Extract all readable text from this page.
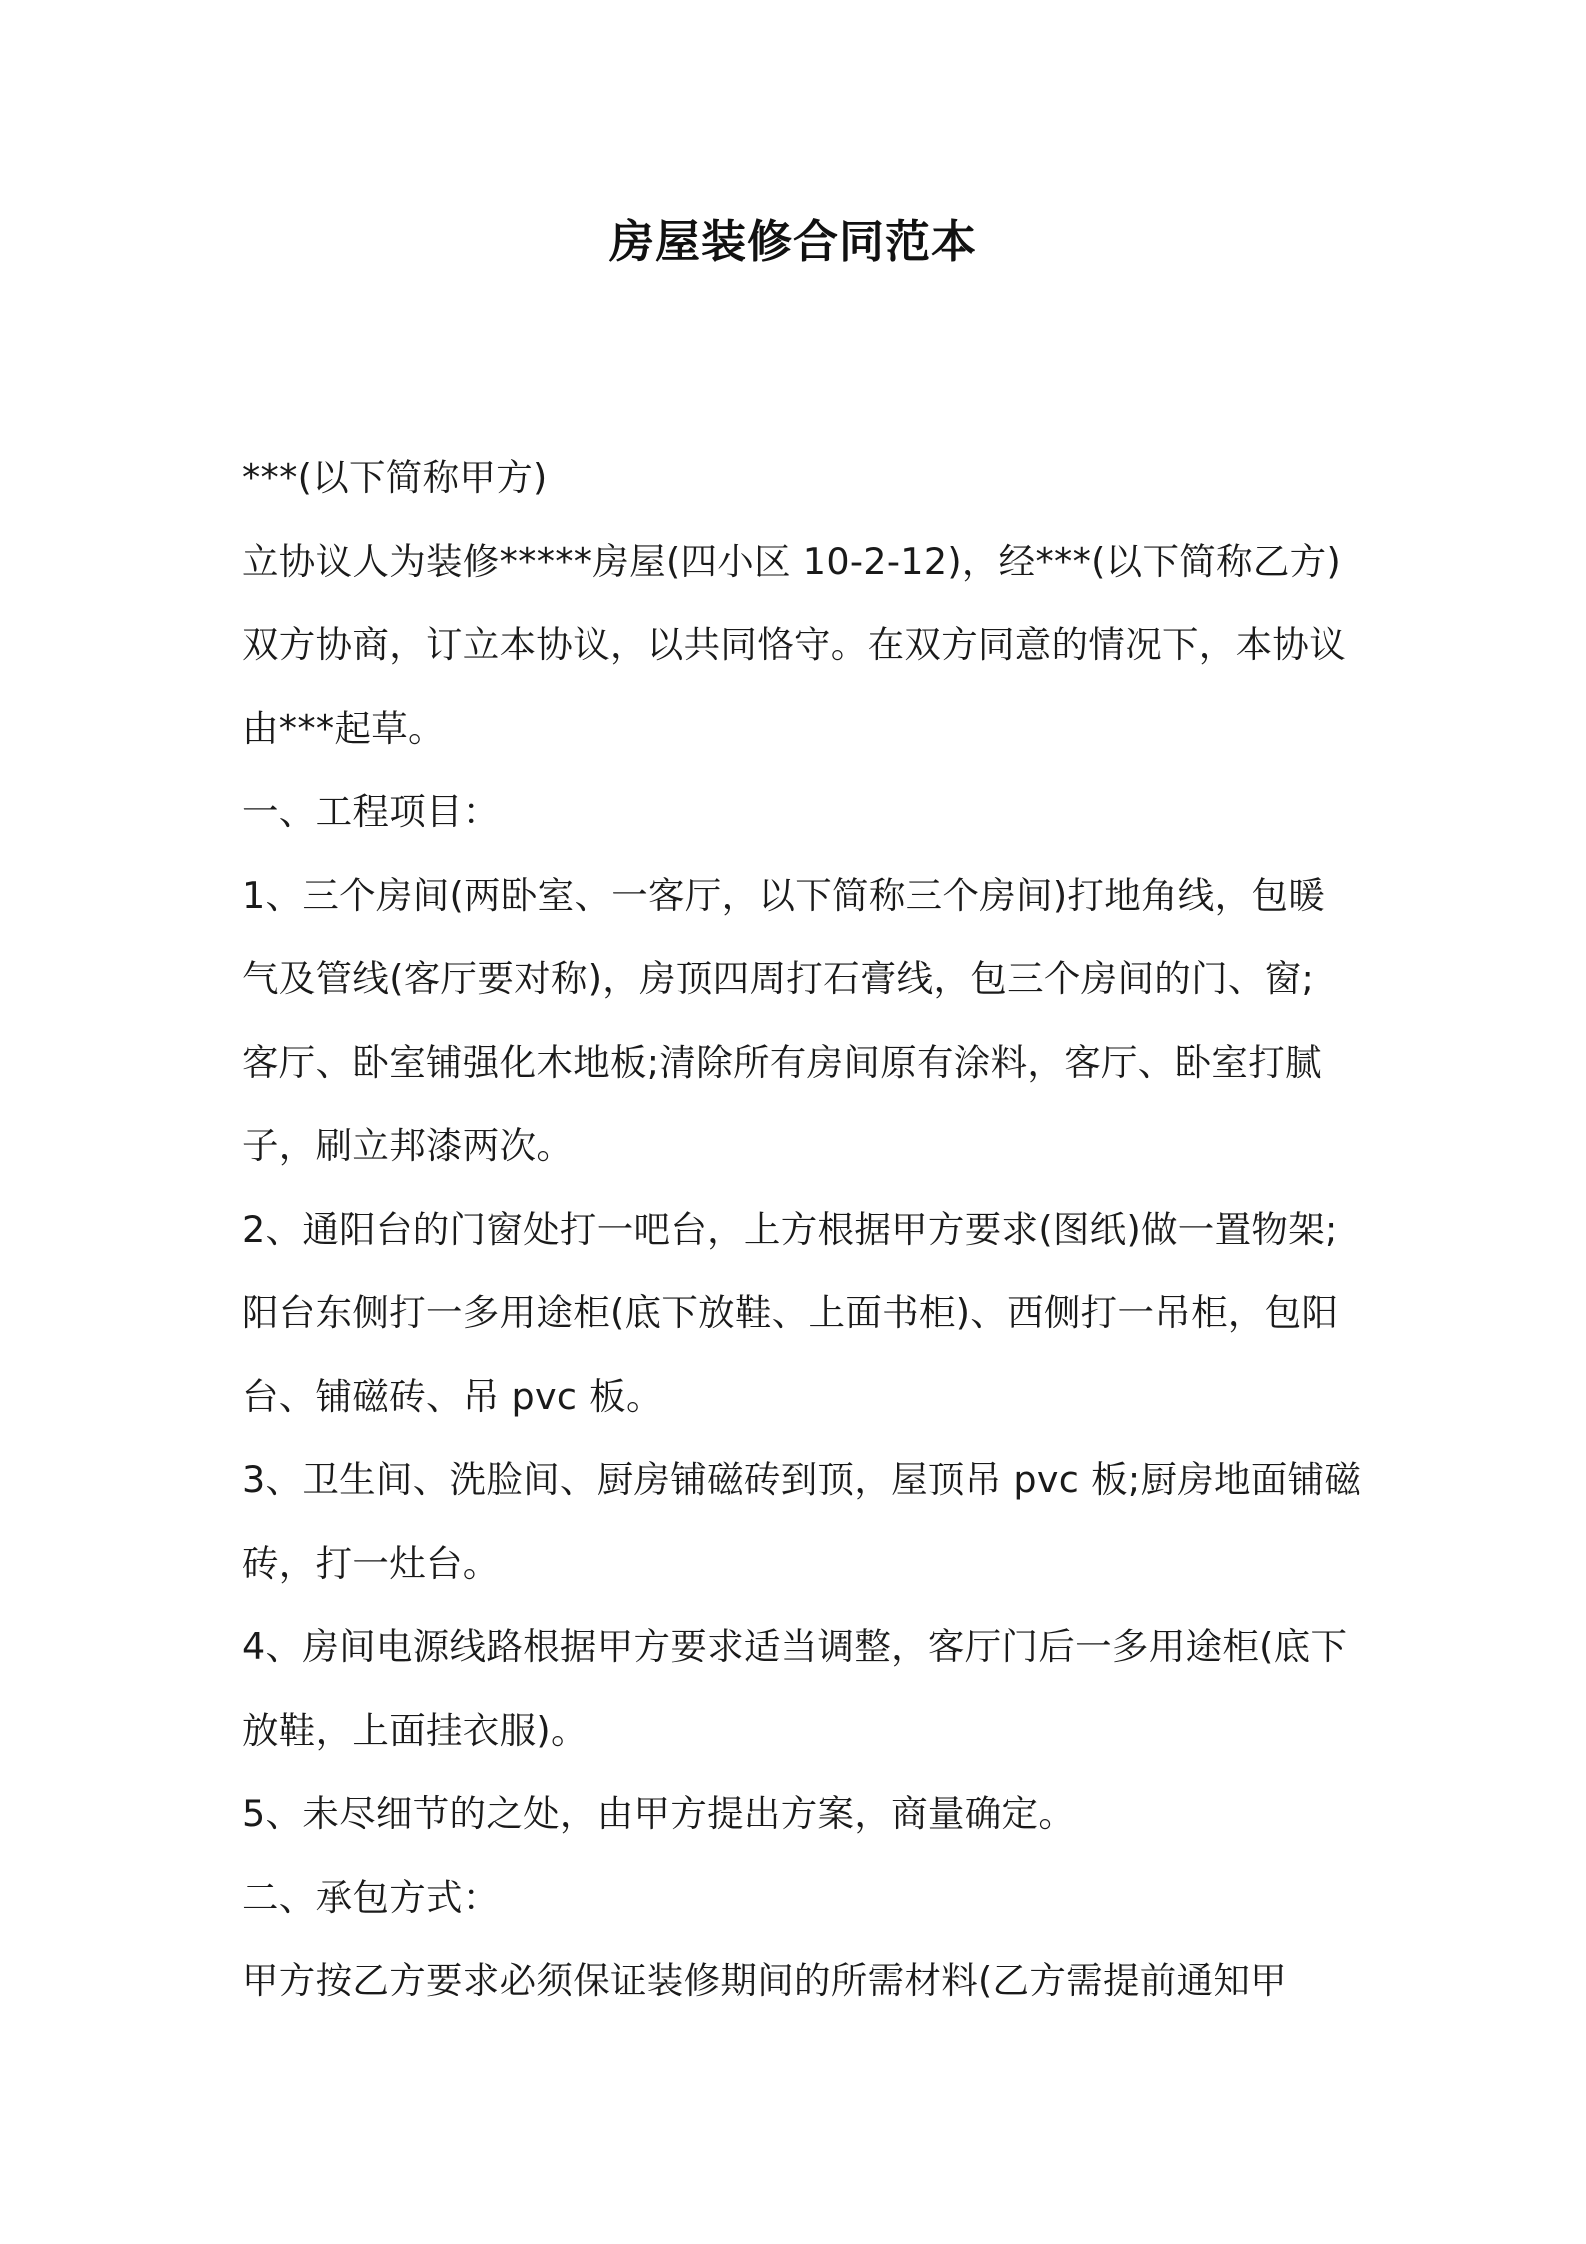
房屋装修合同范本
***(以下简称甲方)
立协议人为装修*****房屋(四小区 10-2-12)，经***(以下简称乙方)
双方协商，订立本协议，以共同恪守。在双方同意的情况下，本协议
由***起草。
一、工程项目：
1、三个房间(两卧室、一客厅，以下简称三个房间)打地角线，包暖
气及管线(客厅要对称)，房顶四周打石膏线，包三个房间的门、窗;
客厅、卧室铺强化木地板;清除所有房间原有涂料，客厅、卧室打腻
子，刷立邦漆两次。
2、通阳台的门窗处打一吧台，上方根据甲方要求(图纸)做一置物架;
阳台东侧打一多用途柜(底下放鞋、上面书柜)、西侧打一吊柜，包阳
台、铺磁砖、吊 pvc 板。
3、卫生间、洗脸间、厨房铺磁砖到顶，屋顶吊 pvc 板;厨房地面铺磁
砖，打一灶台。
4、房间电源线路根据甲方要求适当调整，客厅门后一多用途柜(底下
放鞋，上面挂衣服)。
5、未尽细节的之处，由甲方提出方案，商量确定。
二、承包方式：
甲方按乙方要求必须保证装修期间的所需材料(乙方需提前通知甲
